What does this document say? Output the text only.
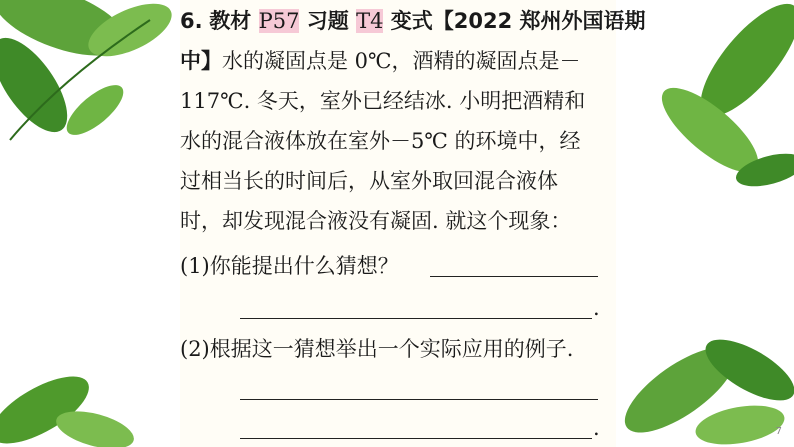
6. 教材 P57 习题 T4 变式【2022 郑州外国语期
中】水的凝固点是 0℃，酒精的凝固点是－
117℃. 冬天，室外已经结冰. 小明把酒精和
水的混合液体放在室外－5℃ 的环境中，经
过相当长的时间后，从室外取回混合液体
时，却发现混合液没有凝固. 就这个现象：
(1)你能提出什么猜想？
.
(2)根据这一猜想举出一个实际应用的例子.
.	7
